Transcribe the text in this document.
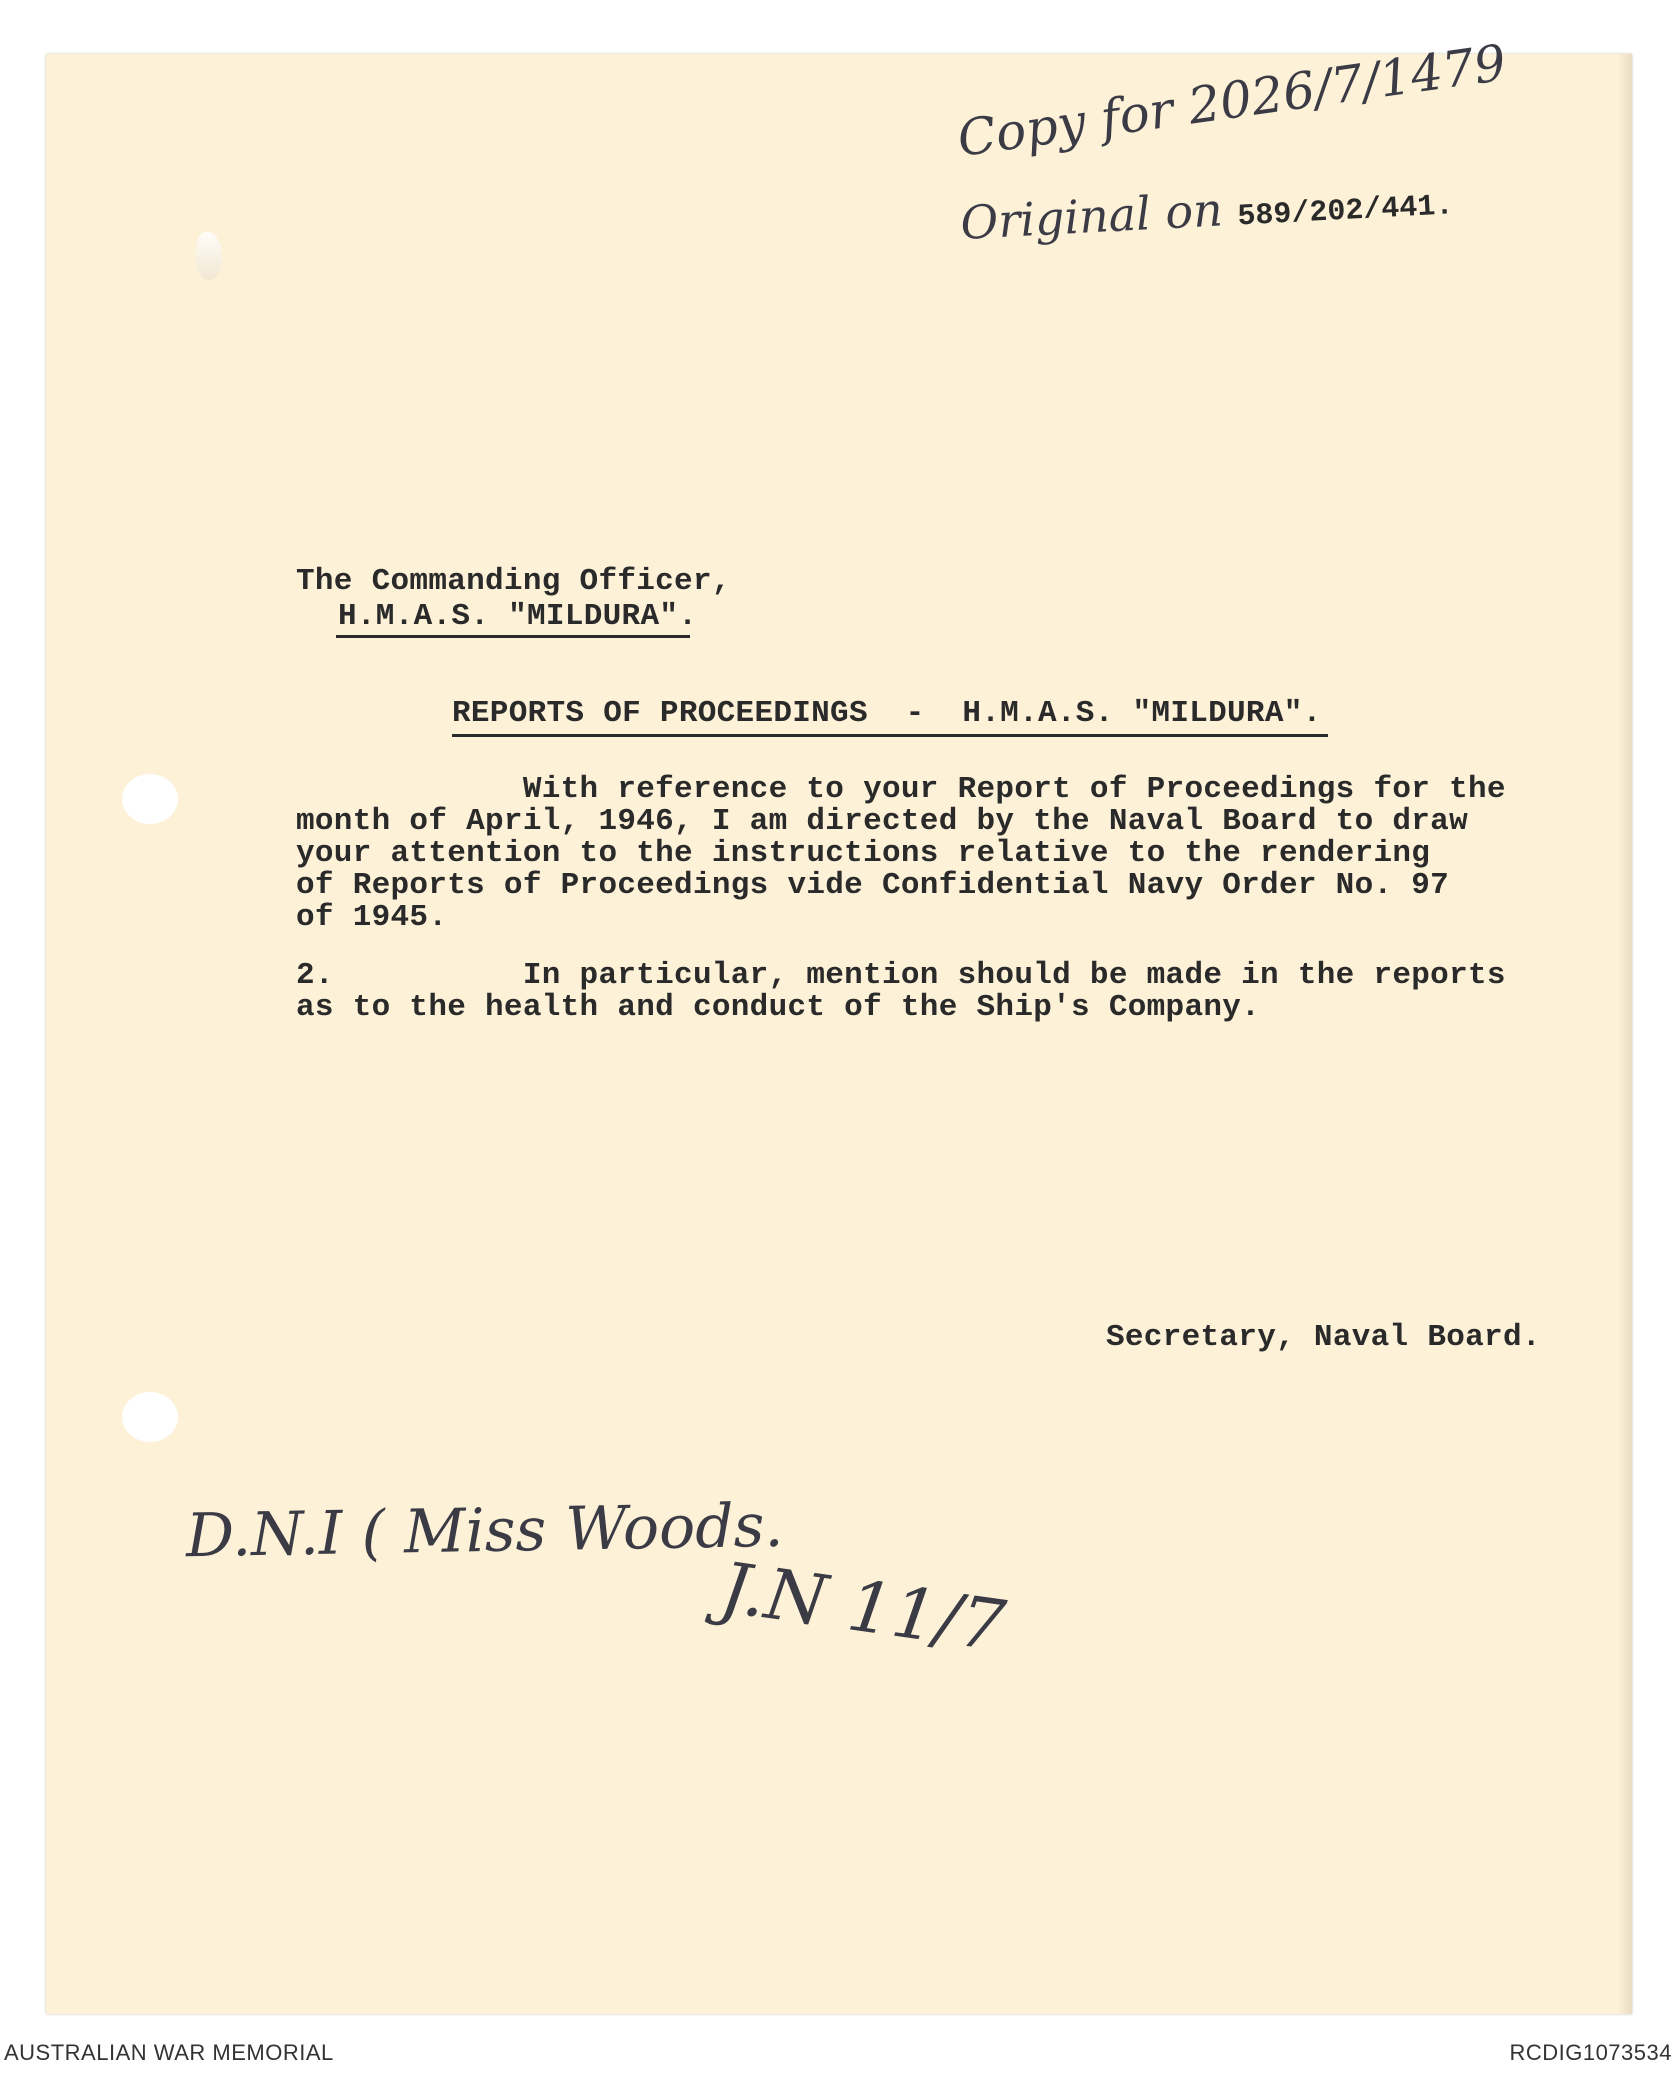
Copy for 2026/7/1479
Original on 589/202/441.
The Commanding Officer,
H.M.A.S. "MILDURA".
REPORTS OF PROCEEDINGS  -  H.M.A.S. "MILDURA".
With reference to your Report of Proceedings for the
month of April, 1946, I am directed by the Naval Board to draw
your attention to the instructions relative to the rendering
of Reports of Proceedings vide Confidential Navy Order No. 97
of 1945.
2.          In particular, mention should be made in the reports
as to the health and conduct of the Ship's Company.
Secretary, Naval Board.
D.N.I ( Miss Woods.
J.N 11/7
AUSTRALIAN WAR MEMORIAL	RCDIG1073534
